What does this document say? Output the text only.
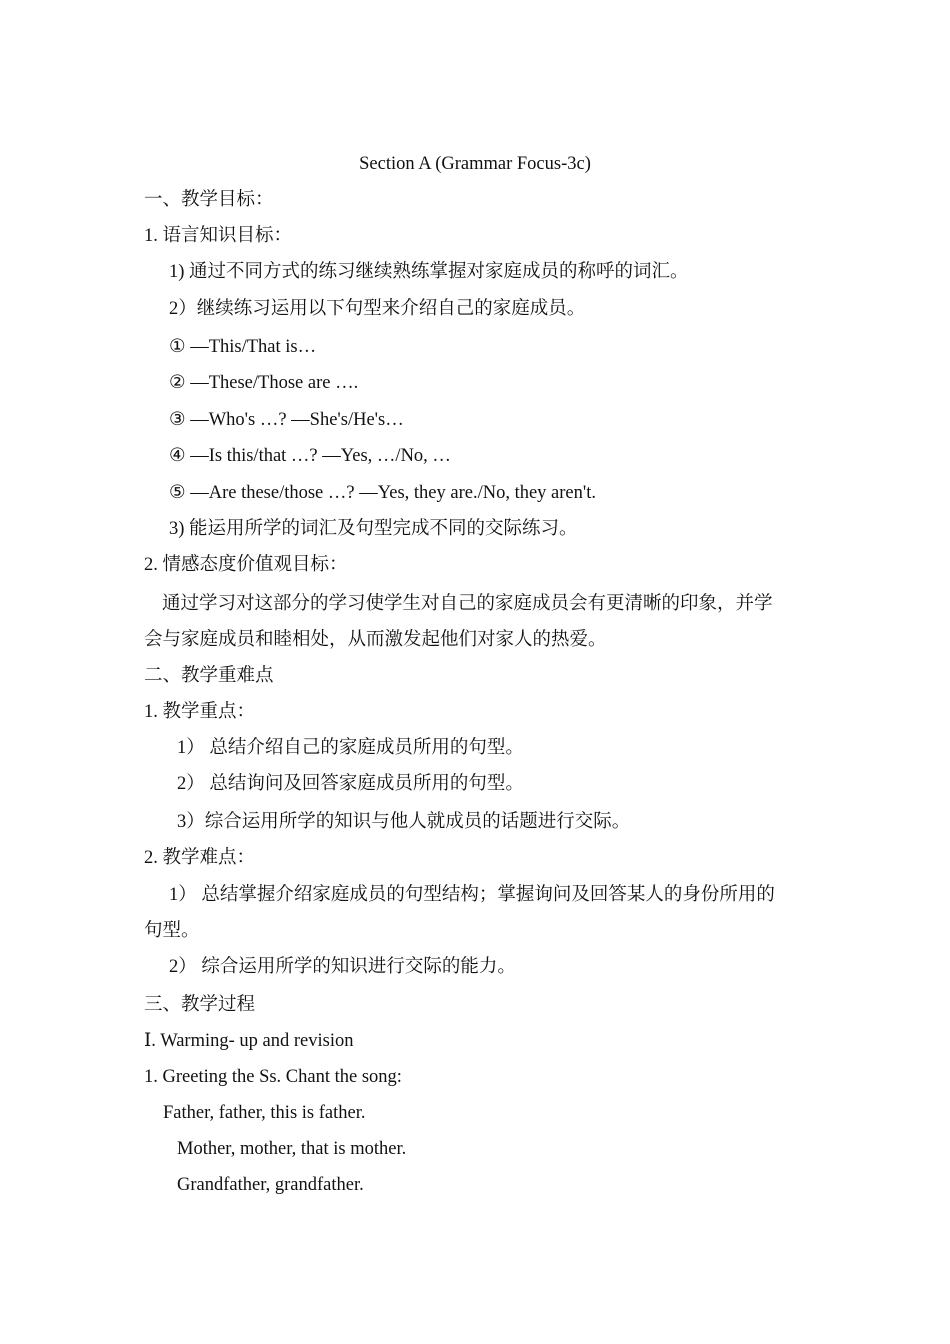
Section A (Grammar Focus-3c)
一、教学目标：
1. 语言知识目标：
1) 通过不同方式的练习继续熟练掌握对家庭成员的称呼的词汇。
2）继续练习运用以下句型来介绍自己的家庭成员。
① —This/That is…
② —These/Those are ….
③ —Who's …? —She's/He's…
④ —Is this/that …? —Yes, …/No, …
⑤ —Are these/those …? —Yes, they are./No, they aren't.
3) 能运用所学的词汇及句型完成不同的交际练习。
2. 情感态度价值观目标：
通过学习对这部分的学习使学生对自己的家庭成员会有更清晰的印象，并学
会与家庭成员和睦相处，从而激发起他们对家人的热爱。
二、教学重难点
1. 教学重点：
1） 总结介绍自己的家庭成员所用的句型。
2） 总结询问及回答家庭成员所用的句型。
3）综合运用所学的知识与他人就成员的话题进行交际。
2. 教学难点：
1） 总结掌握介绍家庭成员的句型结构；掌握询问及回答某人的身份所用的
句型。
2） 综合运用所学的知识进行交际的能力。
三、教学过程
Ⅰ. Warming- up and revision
1. Greeting the Ss. Chant the song:
Father, father, this is father.
Mother, mother, that is mother.
Grandfather, grandfather.
